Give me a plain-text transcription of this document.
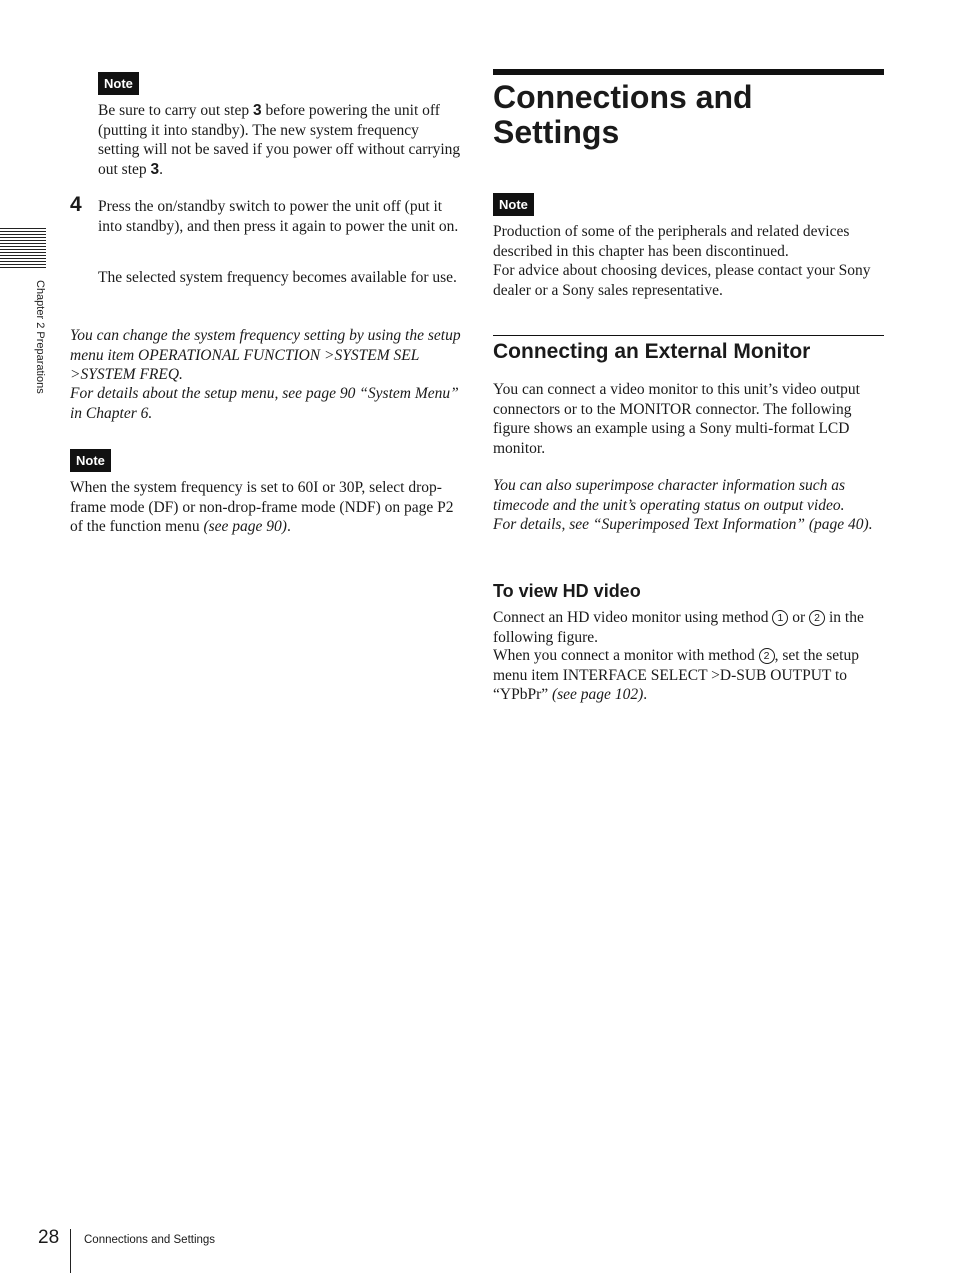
Chapter 2 Preparations
Note

Be sure to carry out step 3 before powering the unit off (putting it into standby). The new system frequency setting will not be saved if you power off without carrying out step 3.

4 Press the on/standby switch to power the unit off (put it into standby), and then press it again to power the unit on.

The selected system frequency becomes available for use.

You can change the system frequency setting by using the setup menu item OPERATIONAL FUNCTION >SYSTEM SEL >SYSTEM FREQ.

For details about the setup menu, see page 90 “System Menu” in Chapter 6.

Note

When the system frequency is set to 60I or 30P, select drop-frame mode (DF) or non-drop-frame mode (NDF) on page P2 of the function menu (see page 90).

Connections and Settings
Note

Production of some of the peripherals and related devices described in this chapter has been discontinued.

For advice about choosing devices, please contact your Sony dealer or a Sony sales representative.

Connecting an External Monitor

You can connect a video monitor to this unit’s video output connectors or to the MONITOR connector. The following figure shows an example using a Sony multi-format LCD monitor.

You can also superimpose character information such as timecode and the unit’s operating status on output video.

For details, see “Superimposed Text Information” (page 40).

To view HD video

Connect an HD video monitor using method 1 or 2 in the following figure.

When you connect a monitor with method 2 , set the setup menu item INTERFACE SELECT >D-SUB OUTPUT to “YPbPr” (see page 102).

28 Connections and Settings
